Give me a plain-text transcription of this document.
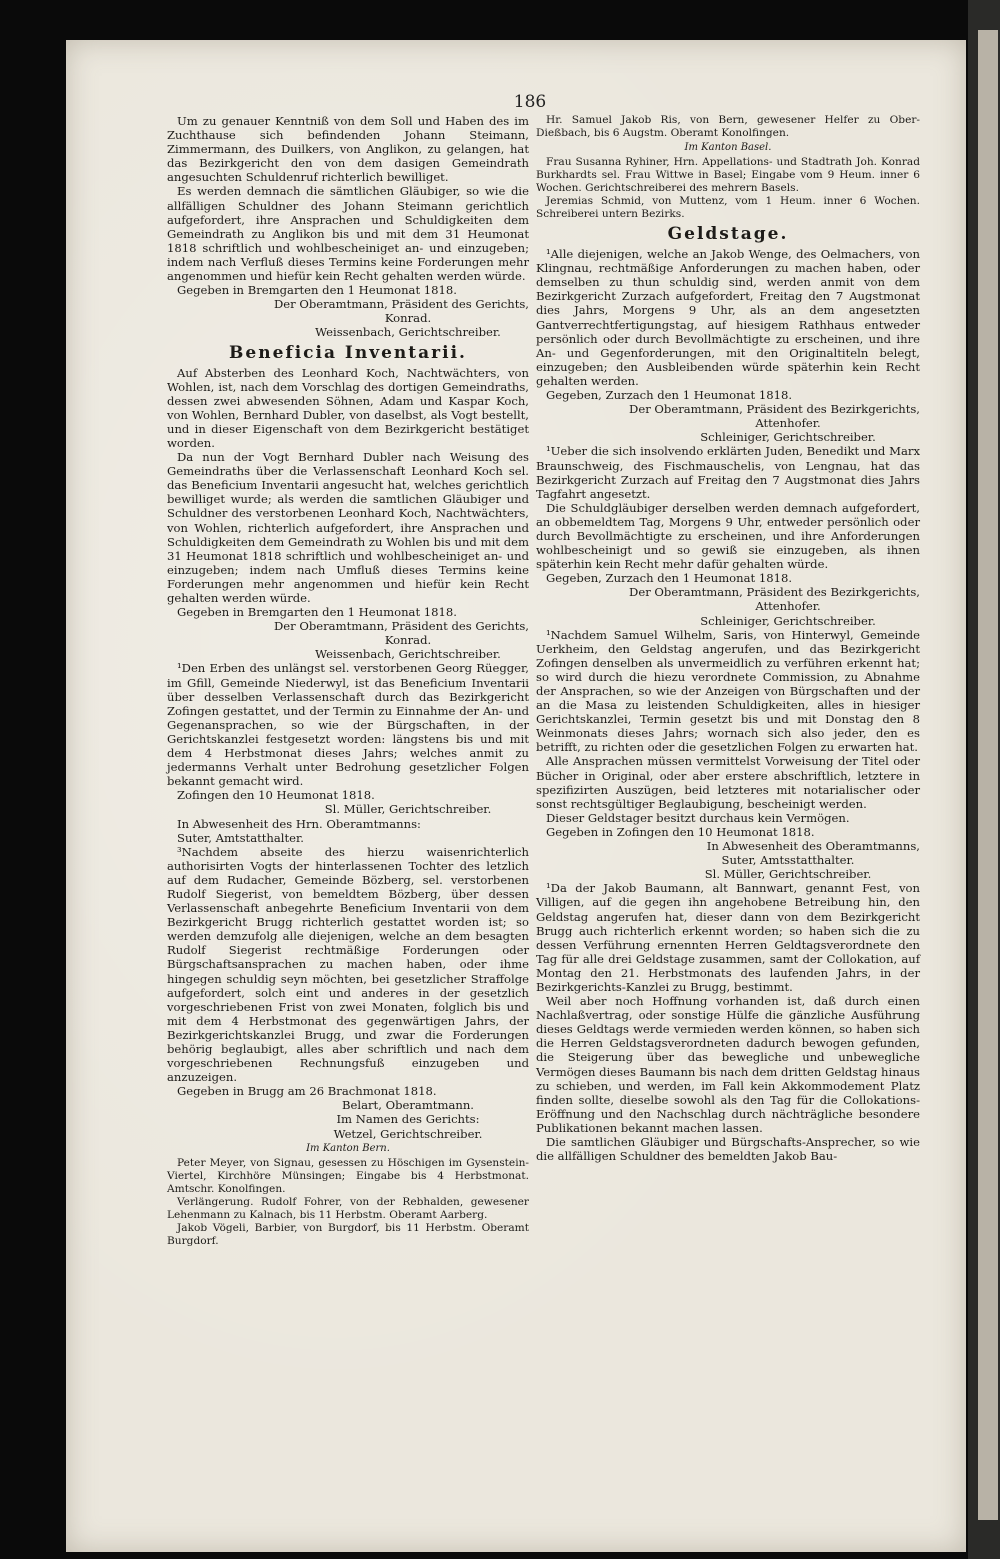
186

Um zu genauer Kenntniß von dem Soll und Haben des im Zuchthause sich befindenden Johann Steimann, Zimmermann, des Duilkers, von Anglikon, zu gelangen, hat das Bezirkgericht den von dem dasigen Gemeindrath angesuchten Schuldenruf richterlich bewilliget.

Es werden demnach die sämtlichen Gläubiger, so wie die allfälligen Schuldner des Johann Steimann gerichtlich aufgefordert, ihre Ansprachen und Schuldigkeiten dem Gemeindrath zu Anglikon bis und mit dem 31 Heumonat 1818 schriftlich und wohlbescheiniget an- und einzugeben; indem nach Verfluß dieses Termins keine Forderungen mehr angenommen und hiefür kein Recht gehalten werden würde.

Gegeben in Bremgarten den 1 Heumonat 1818.

Der Oberamtmann, Präsident des Gerichts,

Konrad.

Weissenbach, Gerichtschreiber.

Beneficia Inventarii.

Auf Absterben des Leonhard Koch, Nachtwächters, von Wohlen, ist, nach dem Vorschlag des dortigen Gemeindraths, dessen zwei abwesenden Söhnen, Adam und Kaspar Koch, von Wohlen, Bernhard Dubler, von daselbst, als Vogt bestellt, und in dieser Eigenschaft von dem Bezirkgericht bestätiget worden.

Da nun der Vogt Bernhard Dubler nach Weisung des Gemeindraths über die Verlassenschaft Leonhard Koch sel. das Beneficium Inventarii angesucht hat, welches gerichtlich bewilliget wurde; als werden die samtlichen Gläubiger und Schuldner des verstorbenen Leonhard Koch, Nachtwächters, von Wohlen, richterlich aufgefordert, ihre Ansprachen und Schuldigkeiten dem Gemeindrath zu Wohlen bis und mit dem 31 Heumonat 1818 schriftlich und wohlbescheiniget an- und einzugeben; indem nach Umfluß dieses Termins keine Forderungen mehr angenommen und hiefür kein Recht gehalten werden würde.

Gegeben in Bremgarten den 1 Heumonat 1818.

Der Oberamtmann, Präsident des Gerichts,

Konrad.

Weissenbach, Gerichtschreiber.

¹Den Erben des unlängst sel. verstorbenen Georg Rüegger, im Gfill, Gemeinde Niederwyl, ist das Beneficium Inventarii über desselben Verlassenschaft durch das Bezirkgericht Zofingen gestattet, und der Termin zu Einnahme der An- und Gegenansprachen, so wie der Bürgschaften, in der Gerichtskanzlei festgesetzt worden: längstens bis und mit dem 4 Herbstmonat dieses Jahrs; welches anmit zu jedermanns Verhalt unter Bedrohung gesetzlicher Folgen bekannt gemacht wird.

Zofingen den 10 Heumonat 1818.

Sl. Müller, Gerichtschreiber.

In Abwesenheit des Hrn. Oberamtmanns:

Suter, Amtstatthalter.

³Nachdem abseite des hierzu waisenrichterlich authorisirten Vogts der hinterlassenen Tochter des letzlich auf dem Rudacher, Gemeinde Bözberg, sel. verstorbenen Rudolf Siegerist, von bemeldtem Bözberg, über dessen Verlassenschaft anbegehrte Beneficium Inventarii von dem Bezirkgericht Brugg richterlich gestattet worden ist; so werden demzufolg alle diejenigen, welche an dem besagten Rudolf Siegerist rechtmäßige Forderungen oder Bürgschaftsansprachen zu machen haben, oder ihme hingegen schuldig seyn möchten, bei gesetzlicher Straffolge aufgefordert, solch eint und anderes in der gesetzlich vorgeschriebenen Frist von zwei Monaten, folglich bis und mit dem 4 Herbstmonat des gegenwärtigen Jahrs, der Bezirkgerichtskanzlei Brugg, und zwar die Forderungen behörig beglaubigt, alles aber schriftlich und nach dem vorgeschriebenen Rechnungsfuß einzugeben und anzuzeigen.

Gegeben in Brugg am 26 Brachmonat 1818.

Belart, Oberamtmann.

Im Namen des Gerichts:

Wetzel, Gerichtschreiber.

Im Kanton Bern.

Peter Meyer, von Signau, gesessen zu Höschigen im Gysenstein-Viertel, Kirchhöre Münsingen; Eingabe bis 4 Herbstmonat. Amtschr. Konolfingen.

Verlängerung. Rudolf Fohrer, von der Rebhalden, gewesener Lehenmann zu Kalnach, bis 11 Herbstm. Oberamt Aarberg.

Jakob Vögeli, Barbier, von Burgdorf, bis 11 Herbstm. Oberamt Burgdorf.

Hr. Samuel Jakob Ris, von Bern, gewesener Helfer zu Ober-Dießbach, bis 6 Augstm. Oberamt Konolfingen.

Im Kanton Basel.

Frau Susanna Ryhiner, Hrn. Appellations- und Stadtrath Joh. Konrad Burkhardts sel. Frau Wittwe in Basel; Eingabe vom 9 Heum. inner 6 Wochen. Gerichtschreiberei des mehrern Basels.

Jeremias Schmid, von Muttenz, vom 1 Heum. inner 6 Wochen. Schreiberei untern Bezirks.

Geldstage.

¹Alle diejenigen, welche an Jakob Wenge, des Oelmachers, von Klingnau, rechtmäßige Anforderungen zu machen haben, oder demselben zu thun schuldig sind, werden anmit von dem Bezirkgericht Zurzach aufgefordert, Freitag den 7 Augstmonat dies Jahrs, Morgens 9 Uhr, als an dem angesetzten Gantverrechtfertigungstag, auf hiesigem Rathhaus entweder persönlich oder durch Bevollmächtigte zu erscheinen, und ihre An- und Gegenforderungen, mit den Originaltiteln belegt, einzugeben; den Ausbleibenden würde späterhin kein Recht gehalten werden.

Gegeben, Zurzach den 1 Heumonat 1818.

Der Oberamtmann, Präsident des Bezirkgerichts,

Attenhofer.

Schleiniger, Gerichtschreiber.

¹Ueber die sich insolvendo erklärten Juden, Benedikt und Marx Braunschweig, des Fischmauschelis, von Lengnau, hat das Bezirkgericht Zurzach auf Freitag den 7 Augstmonat dies Jahrs Tagfahrt angesetzt.

Die Schuldgläubiger derselben werden demnach aufgefordert, an obbemeldtem Tag, Morgens 9 Uhr, entweder persönlich oder durch Bevollmächtigte zu erscheinen, und ihre Anforderungen wohlbescheinigt und so gewiß sie einzugeben, als ihnen späterhin kein Recht mehr dafür gehalten würde.

Gegeben, Zurzach den 1 Heumonat 1818.

Der Oberamtmann, Präsident des Bezirkgerichts,

Attenhofer.

Schleiniger, Gerichtschreiber.

¹Nachdem Samuel Wilhelm, Saris, von Hinterwyl, Gemeinde Uerkheim, den Geldstag angerufen, und das Bezirkgericht Zofingen denselben als unvermeidlich zu verführen erkennt hat; so wird durch die hiezu verordnete Commission, zu Abnahme der Ansprachen, so wie der Anzeigen von Bürgschaften und der an die Masa zu leistenden Schuldigkeiten, alles in hiesiger Gerichtskanzlei, Termin gesetzt bis und mit Donstag den 8 Weinmonats dieses Jahrs; wornach sich also jeder, den es betrifft, zu richten oder die gesetzlichen Folgen zu erwarten hat.

Alle Ansprachen müssen vermittelst Vorweisung der Titel oder Bücher in Original, oder aber erstere abschriftlich, letztere in spezifizirten Auszügen, beid letzteres mit notarialischer oder sonst rechtsgültiger Beglaubigung, bescheinigt werden.

Dieser Geldstager besitzt durchaus kein Vermögen.

Gegeben in Zofingen den 10 Heumonat 1818.

In Abwesenheit des Oberamtmanns,

Suter, Amtsstatthalter.

Sl. Müller, Gerichtschreiber.

¹Da der Jakob Baumann, alt Bannwart, genannt Fest, von Villigen, auf die gegen ihn angehobene Betreibung hin, den Geldstag angerufen hat, dieser dann von dem Bezirkgericht Brugg auch richterlich erkennt worden; so haben sich die zu dessen Verführung ernennten Herren Geldtagsverordnete den Tag für alle drei Geldstage zusammen, samt der Collokation, auf Montag den 21. Herbstmonats des laufenden Jahrs, in der Bezirkgerichts-Kanzlei zu Brugg, bestimmt.

Weil aber noch Hoffnung vorhanden ist, daß durch einen Nachlaßvertrag, oder sonstige Hülfe die gänzliche Ausführung dieses Geldtags werde vermieden werden können, so haben sich die Herren Geldstagsverordneten dadurch bewogen gefunden, die Steigerung über das bewegliche und unbewegliche Vermögen dieses Baumann bis nach dem dritten Geldstag hinaus zu schieben, und werden, im Fall kein Akkommodement Platz finden sollte, dieselbe sowohl als den Tag für die Collokations-Eröffnung und den Nachschlag durch nächträgliche besondere Publikationen bekannt machen lassen.

Die samtlichen Gläubiger und Bürgschafts-Ansprecher, so wie die allfälligen Schuldner des bemeldten Jakob Bau-
